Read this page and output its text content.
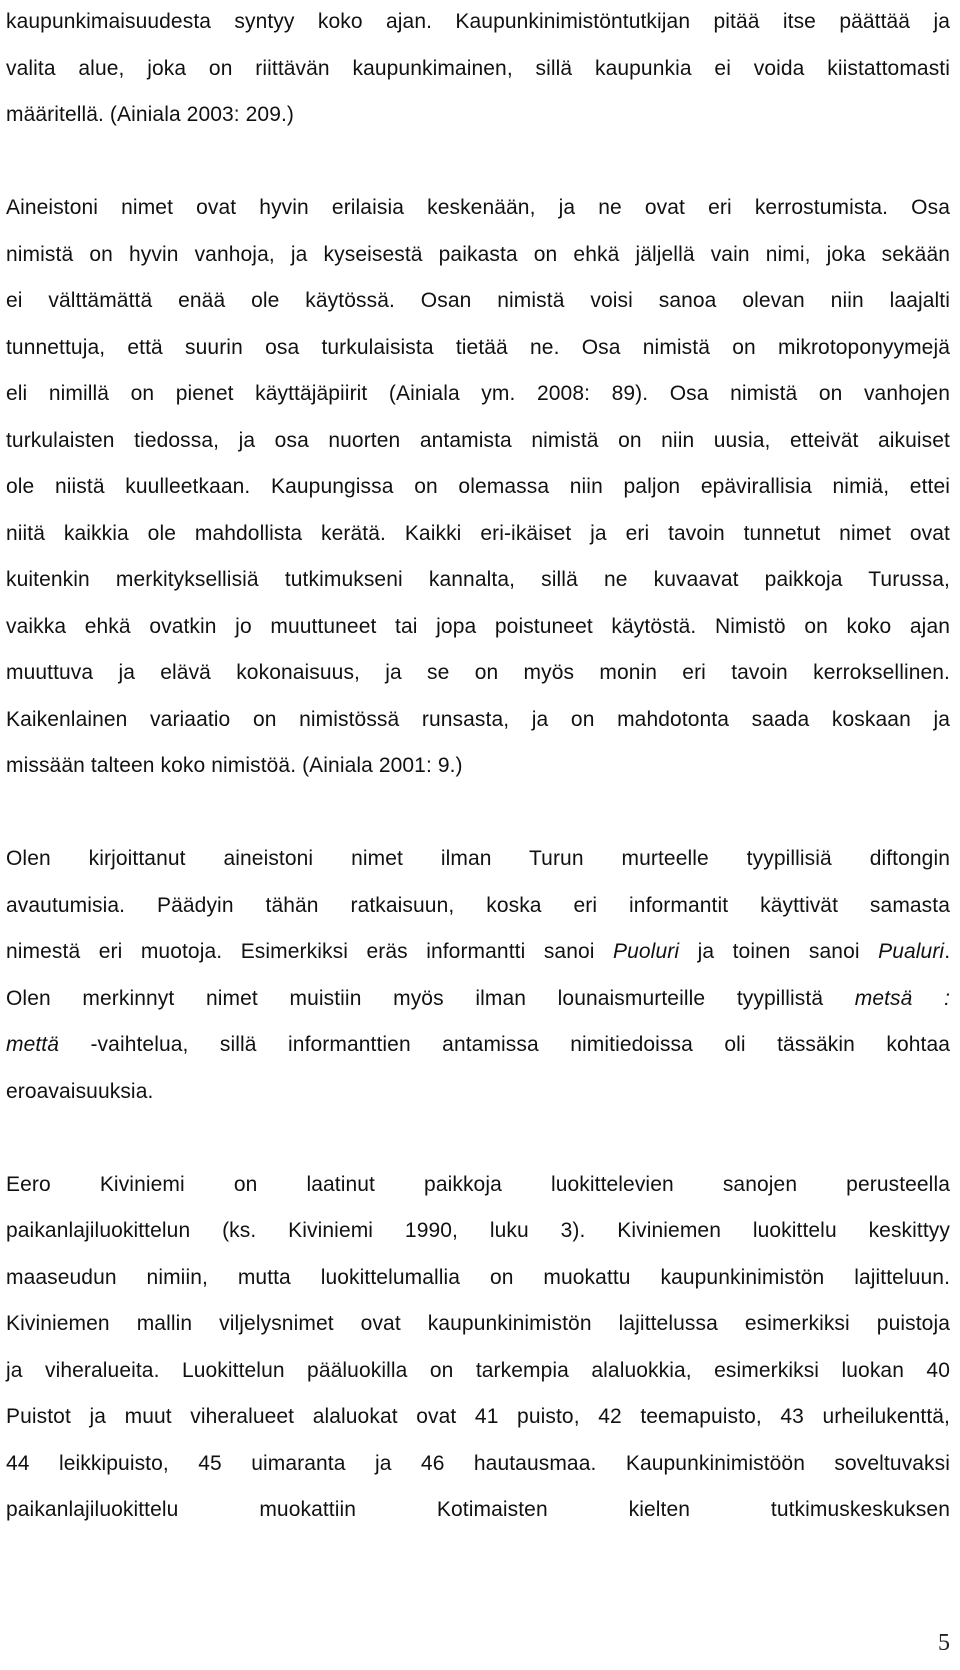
kaupunkimaisuudesta syntyy koko ajan. Kaupunkinimistöntutkijan pitää itse päättää ja
valita alue, joka on riittävän kaupunkimainen, sillä kaupunkia ei voida kiistattomasti
määritellä. (Ainiala 2003: 209.)
Aineistoni nimet ovat hyvin erilaisia keskenään, ja ne ovat eri kerrostumista. Osa
nimistä on hyvin vanhoja, ja kyseisestä paikasta on ehkä jäljellä vain nimi, joka sekään
ei välttämättä enää ole käytössä. Osan nimistä voisi sanoa olevan niin laajalti
tunnettuja, että suurin osa turkulaisista tietää ne. Osa nimistä on mikrotoponyymejä
eli nimillä on pienet käyttäjäpiirit (Ainiala ym. 2008: 89). Osa nimistä on vanhojen
turkulaisten tiedossa, ja osa nuorten antamista nimistä on niin uusia, etteivät aikuiset
ole niistä kuulleetkaan. Kaupungissa on olemassa niin paljon epävirallisia nimiä, ettei
niitä kaikkia ole mahdollista kerätä. Kaikki eri-ikäiset ja eri tavoin tunnetut nimet ovat
kuitenkin merkityksellisiä tutkimukseni kannalta, sillä ne kuvaavat paikkoja Turussa,
vaikka ehkä ovatkin jo muuttuneet tai jopa poistuneet käytöstä. Nimistö on koko ajan
muuttuva ja elävä kokonaisuus, ja se on myös monin eri tavoin kerroksellinen.
Kaikenlainen variaatio on nimistössä runsasta, ja on mahdotonta saada koskaan ja
missään talteen koko nimistöä. (Ainiala 2001: 9.)
Olen kirjoittanut aineistoni nimet ilman Turun murteelle tyypillisiä diftongin
avautumisia. Päädyin tähän ratkaisuun, koska eri informantit käyttivät samasta
nimestä eri muotoja. Esimerkiksi eräs informantti sanoi Puoluri ja toinen sanoi Pualuri.
Olen merkinnyt nimet muistiin myös ilman lounaismurteille tyypillistä metsä :
mettä -vaihtelua, sillä informanttien antamissa nimitiedoissa oli tässäkin kohtaa
eroavaisuuksia.
Eero Kiviniemi on laatinut paikkoja luokittelevien sanojen perusteella
paikanlajiluokittelun (ks. Kiviniemi 1990, luku 3). Kiviniemen luokittelu keskittyy
maaseudun nimiin, mutta luokittelumallia on muokattu kaupunkinimistön lajitteluun.
Kiviniemen mallin viljelysnimet ovat kaupunkinimistön lajittelussa esimerkiksi puistoja
ja viheralueita. Luokittelun pääluokilla on tarkempia alaluokkia, esimerkiksi luokan 40
Puistot ja muut viheralueet alaluokat ovat 41 puisto, 42 teemapuisto, 43 urheilukenttä,
44 leikkipuisto, 45 uimaranta ja 46 hautausmaa. Kaupunkinimistöön soveltuvaksi
paikanlajiluokittelu muokattiin Kotimaisten kielten tutkimuskeskuksen
5
